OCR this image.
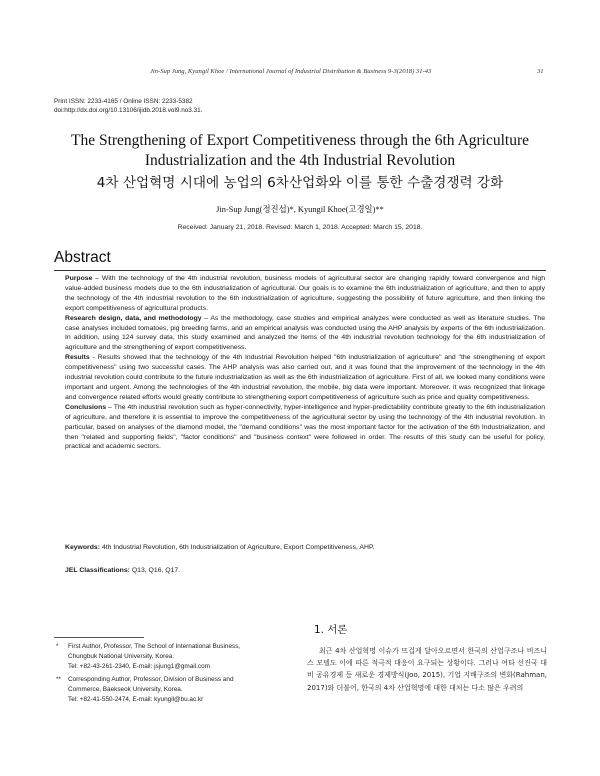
Jin-Sup Jung, Kyungil Khoe / International Journal of Industrial Distribution & Business 9-3(2018) 31-43	31
Print ISSN: 2233-4165 / Online ISSN: 2233-5382
doi:http://dx.doi.org/10.13106/ijidb.2018.vol9.no3.31.
The Strengthening of Export Competitiveness through the 6th Agriculture
Industrialization and the 4th Industrial Revolution
4차 산업혁명 시대에 농업의 6차산업화와 이를 통한 수출경쟁력 강화
Jin-Sup Jung(정진섭)*, Kyungil Khoe(고경일)**
Received: January 21, 2018. Revised: March 1, 2018. Accepted: March 15, 2018.
Abstract

Purpose – With the technology of the 4th industrial revolution, business models of agricultural sector are changing rapidly toward convergence and high value-added business models due to the 6th industrialization of agricultural. Our goals is to examine the 6th industrialization of agriculture, and then to apply the technology of the 4th industrial revolution to the 6th industrialization of agriculture, suggesting the possibility of future agriculture, and then linking the export competitiveness of agricultural products.

Research design, data, and methodology – As the methodology, case studies and empirical analyzes were conducted as well as literature studies. The case analyses included tomatoes, pig breeding farms, and an empirical analysis was conducted using the AHP analysis by experts of the 6th industrialization. In addition, using 124 survey data, this study examined and analyzed the items of the 4th industrial revolution technology for the 6th industrialization of agriculture and the strengthening of export competitiveness.

Results - Results showed that the technology of the 4th Industrial Revolution helped "6th industrialization of agriculture" and "the strengthening of export competitiveness" using two successful cases. The AHP analysis was also carried out, and it was found that the improvement of the technology in the 4th industrial revolution could contribute to the future industrialization as well as the 6th industrialization of agriculture. First of all, we looked many conditions were important and urgent. Among the technologies of the 4th industrial revolution, the mobile, big data were important. Moreover, it was recognized that linkage and convergence related efforts would greatly contribute to strengthening export competitiveness of agriculture such as price and quality competitiveness.

Conclusions – The 4th industrial revolution such as hyper-connectivity, hyper-intelligence and hyper-predictability contribute greatly to the 6th industrialization of agriculture, and therefore it is essential to improve the competitiveness of the agricultural sector by using the technology of the 4th industrial revolution. In particular, based on analyses of the diamond model, the "demand conditions" was the most important factor for the activation of the 6th Industrialization, and then "related and supporting fields", "factor conditions" and "business context" were followed in order. The results of this study can be useful for policy, practical and academic sectors.

Keywords: 4th Industrial Revolution, 6th Industrialization of Agriculture, Export Competitiveness, AHP.
JEL Classifications: Q13, Q16, Q17.
* First Author, Professor, The School of International Business,
Chungbuk National University, Korea.
Tel: +82-43-261-2340, E-mail: jsjung1@gmail.com
** Corresponding Author, Professor, Division of Business and
Commerce, Baekseok University, Korea.
Tel: +82-41-550-2474, E-mail: kyungil@bu.ac.kr
1. 서론
최근 4차 산업혁명 이슈가 뜨겁게 달아오르면서 한국의 산업구조나 비즈니스 모델도 이에 따른 적극적 대응이 요구되는 상황이다. 그러나 여타 선진국 대비 공유경제 등 새로운 경제방식(Joo, 2015), 기업 지배구조의 변화(Rahman, 2017)와 더불어, 한국의 4차 산업혁명에 대한 대처는 다소 많은 우려의
